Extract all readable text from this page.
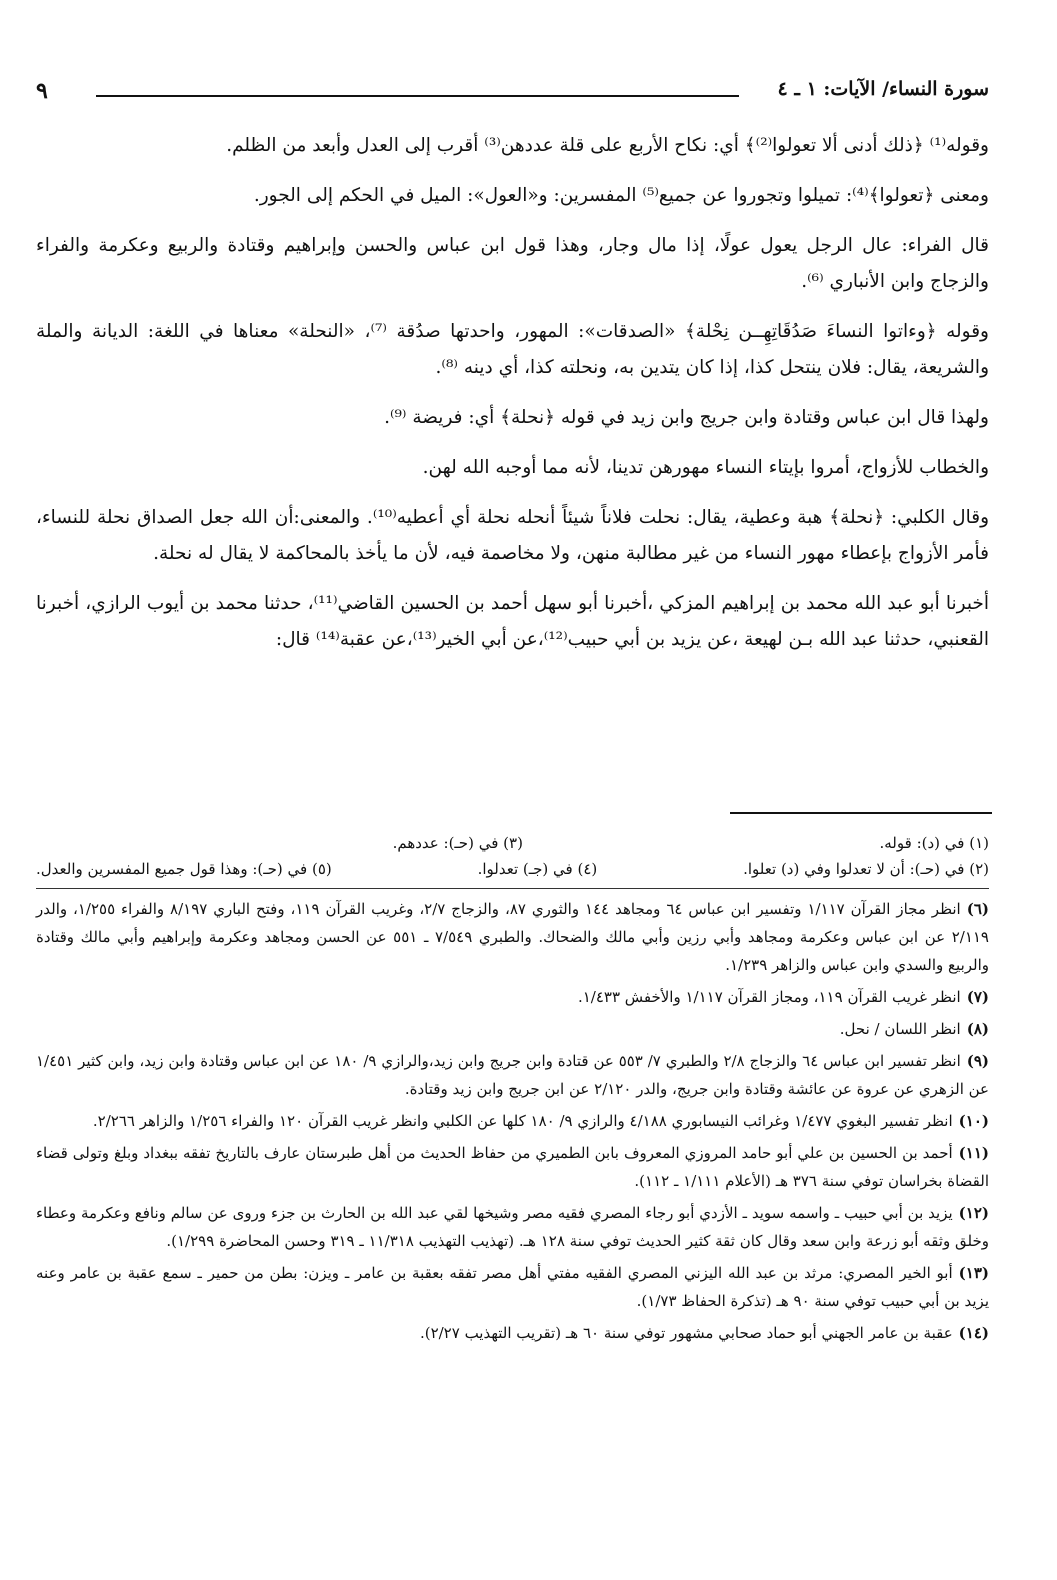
سورة النساء/ الآيات: ١ ـ ٤
٩

وقوله⁽¹⁾ ﴿ذلك أدنى ألا تعولوا⁽²⁾﴾ أي: نكاح الأربع على قلة عددهن⁽³⁾ أقرب إلى العدل وأبعد من الظلم.

ومعنى ﴿تعولوا﴾⁽⁴⁾: تميلوا وتجوروا عن جميع⁽⁵⁾ المفسرين: و«العول»: الميل في الحكم إلى الجور.

قال الفراء: عال الرجل يعول عولًا، إذا مال وجار، وهذا قول ابن عباس والحسن وإبراهيم وقتادة والربيع وعكرمة والفراء والزجاج وابن الأنباري ⁽⁶⁾.

وقوله ﴿وءاتوا النساءَ صَدُقَاتِهِــن نِحْلة﴾ «الصدقات»: المهور، واحدتها صدُقة ⁽⁷⁾، «النحلة» معناها في اللغة: الديانة والملة والشريعة، يقال: فلان ينتحل كذا، إذا كان يتدين به، ونحلته كذا، أي دينه ⁽⁸⁾.

ولهذا قال ابن عباس وقتادة وابن جريج وابن زيد في قوله ﴿نحلة﴾ أي: فريضة ⁽⁹⁾.

والخطاب للأزواج، أمروا بإيتاء النساء مهورهن تدينا، لأنه مما أوجبه الله لهن.

وقال الكلبي: ﴿نحلة﴾ هبة وعطية، يقال: نحلت فلاناً شيئاً أنحله نحلة أي أعطيه⁽¹⁰⁾. والمعنى:أن الله جعل الصداق نحلة للنساء، فأمر الأزواج بإعطاء مهور النساء من غير مطالبة منهن، ولا مخاصمة فيه، لأن ما يأخذ بالمحاكمة لا يقال له نحلة.

أخبرنا أبو عبد الله محمد بن إبراهيم المزكي ،أخبرنا أبو سهل أحمد بن الحسين القاضي⁽¹¹⁾، حدثنا محمد بن أيوب الرازي، أخبرنا القعنبي، حدثنا عبد الله بـن لهيعة ،عن يزيد بن أبي حبيب⁽¹²⁾،عن أبي الخير⁽¹³⁾،عن عقبة⁽¹⁴⁾ قال:

(١) في (د): قوله.
(٣) في (حـ): عددهم.
(٢) في (حـ): أن لا تعدلوا وفي (د) تعلوا.
(٤) في (جـ) تعدلوا.
(٥) في (حـ): وهذا قول جميع المفسرين والعدل.

(٦)انظر مجاز القرآن ١/١١٧ وتفسير ابن عباس ٦٤ ومجاهد ١٤٤ والثوري ٨٧، والزجاج ٢/٧، وغريب القرآن ١١٩، وفتح الباري ٨/١٩٧ والفراء ١/٢٥٥، والدر ٢/١١٩ عن ابن عباس وعكرمة ومجاهد وأبي رزين وأبي مالك والضحاك. والطبري ٧/٥٤٩ ـ ٥٥١ عن الحسن ومجاهد وعكرمة وإبراهيم وأبي مالك وقتادة والربيع والسدي وابن عباس والزاهر ١/٢٣٩.

(٧)انظر غريب القرآن ١١٩، ومجاز القرآن ١/١١٧ والأخفش ١/٤٣٣.

(٨)انظر اللسان / نحل.

(٩)انظر تفسير ابن عباس ٦٤ والزجاج ٢/٨ والطبري ٧/ ٥٥٣ عن قتادة وابن جريج وابن زيد،والرازي ٩/ ١٨٠ عن ابن عباس وقتادة وابن زيد، وابن كثير ١/٤٥١ عن الزهري عن عروة عن عائشة وقتادة وابن جريج، والدر ٢/١٢٠ عن ابن جريج وابن زيد وقتادة.

(١٠)انظر تفسير البغوي ١/٤٧٧ وغرائب النيسابوري ٤/١٨٨ والرازي ٩/ ١٨٠ كلها عن الكلبي وانظر غريب القرآن ١٢٠ والفراء ١/٢٥٦ والزاهر ٢/٢٦٦.

(١١)أحمد بن الحسين بن علي أبو حامد المروزي المعروف بابن الطميري من حفاظ الحديث من أهل طبرستان عارف بالتاريخ تفقه ببغداد وبلغ وتولى قضاء القضاة بخراسان توفي سنة ٣٧٦ هـ (الأعلام ١/١١١ ـ ١١٢).

(١٢)يزيد بن أبي حبيب ـ واسمه سويد ـ الأزدي أبو رجاء المصري فقيه مصر وشيخها لقي عبد الله بن الحارث بن جزء وروى عن سالم ونافع وعكرمة وعطاء وخلق وثقه أبو زرعة وابن سعد وقال كان ثقة كثير الحديث توفي سنة ١٢٨ هـ. (تهذيب التهذيب ١١/٣١٨ ـ ٣١٩ وحسن المحاضرة ١/٢٩٩).

(١٣)أبو الخير المصري: مرثد بن عبد الله اليزني المصري الفقيه مفتي أهل مصر تفقه بعقبة بن عامر ـ ويزن: بطن من حمير ـ سمع عقبة بن عامر وعنه يزيد بن أبي حبيب توفي سنة ٩٠ هـ (تذكرة الحفاظ ١/٧٣).

(١٤)عقبة بن عامر الجهني أبو حماد صحابي مشهور توفي سنة ٦٠ هـ (تقريب التهذيب ٢/٢٧).
